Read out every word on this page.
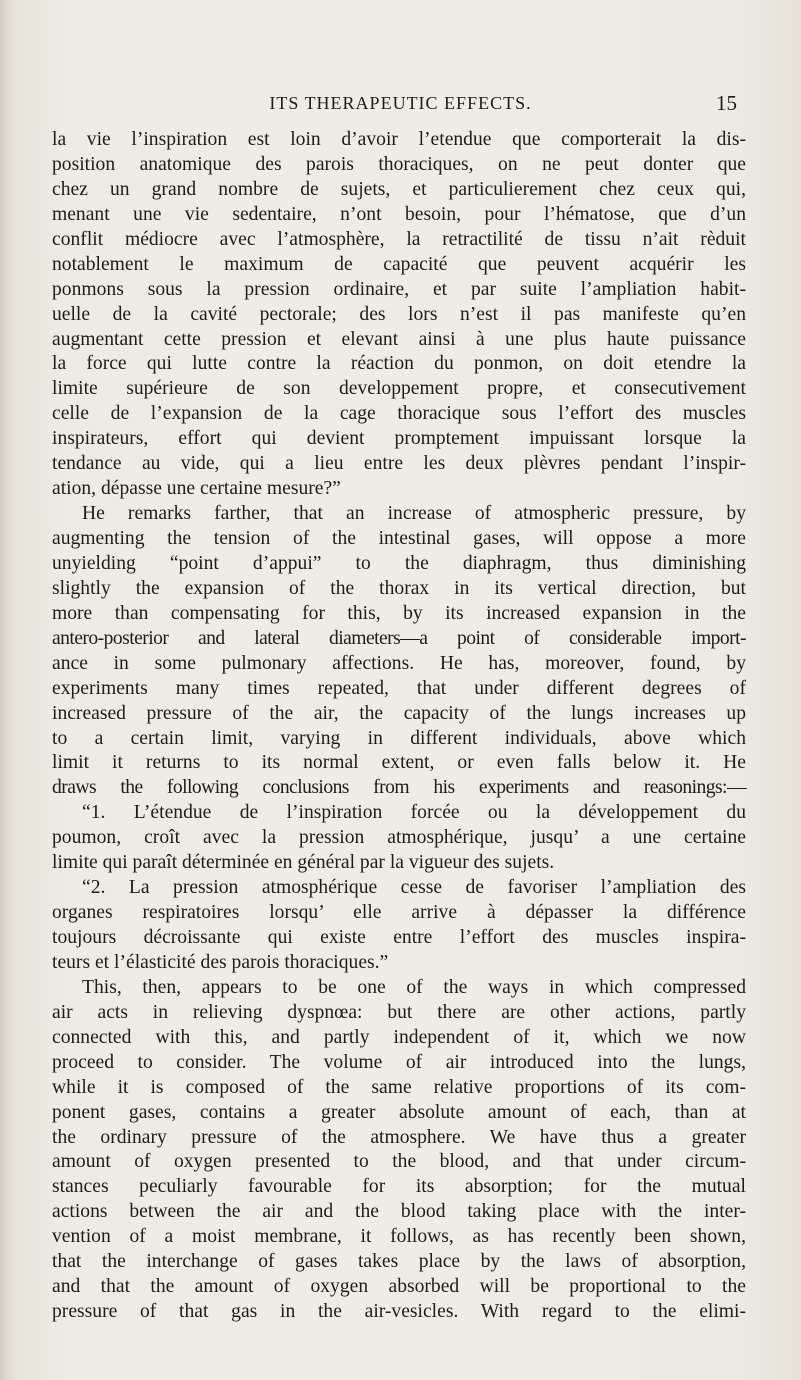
ITS THERAPEUTIC EFFECTS.	15
la vie l’inspiration est loin d’avoir l’etendue que comporterait la dis-
position anatomique des parois thoraciques, on ne peut donter que
chez un grand nombre de sujets, et particulierement chez ceux qui,
menant une vie sedentaire, n’ont besoin, pour l’hématose, que d’un
conflit médiocre avec l’atmosphère, la retractilité de tissu n’ait rèduit
notablement le maximum de capacité que peuvent acquérir les
ponmons sous la pression ordinaire, et par suite l’ampliation habit-
uelle de la cavité pectorale; des lors n’est il pas manifeste qu’en
augmentant cette pression et elevant ainsi à une plus haute puissance
la force qui lutte contre la réaction du ponmon, on doit etendre la
limite supérieure de son developpement propre, et consecutivement
celle de l’expansion de la cage thoracique sous l’effort des muscles
inspirateurs, effort qui devient promptement impuissant lorsque la
tendance au vide, qui a lieu entre les deux plèvres pendant l’inspir-
ation, dépasse une certaine mesure?”
He remarks farther, that an increase of atmospheric pressure, by
augmenting the tension of the intestinal gases, will oppose a more
unyielding “point d’appui” to the diaphragm, thus diminishing
slightly the expansion of the thorax in its vertical direction, but
more than compensating for this, by its increased expansion in the
antero-posterior and lateral diameters—a point of considerable import-
ance in some pulmonary affections. He has, moreover, found, by
experiments many times repeated, that under different degrees of
increased pressure of the air, the capacity of the lungs increases up
to a certain limit, varying in different individuals, above which
limit it returns to its normal extent, or even falls below it. He
draws the following conclusions from his experiments and reasonings:—
“1. L’étendue de l’inspiration forcée ou la développement du
poumon, croît avec la pression atmosphérique, jusqu’ a une certaine
limite qui paraît déterminée en général par la vigueur des sujets.
“2. La pression atmosphérique cesse de favoriser l’ampliation des
organes respiratoires lorsqu’ elle arrive à dépasser la différence
toujours décroissante qui existe entre l’effort des muscles inspira-
teurs et l’élasticité des parois thoraciques.”
This, then, appears to be one of the ways in which compressed
air acts in relieving dyspnœa: but there are other actions, partly
connected with this, and partly independent of it, which we now
proceed to consider. The volume of air introduced into the lungs,
while it is composed of the same relative proportions of its com-
ponent gases, contains a greater absolute amount of each, than at
the ordinary pressure of the atmosphere. We have thus a greater
amount of oxygen presented to the blood, and that under circum-
stances peculiarly favourable for its absorption; for the mutual
actions between the air and the blood taking place with the inter-
vention of a moist membrane, it follows, as has recently been shown,
that the interchange of gases takes place by the laws of absorption,
and that the amount of oxygen absorbed will be proportional to the
pressure of that gas in the air-vesicles. With regard to the elimi-
